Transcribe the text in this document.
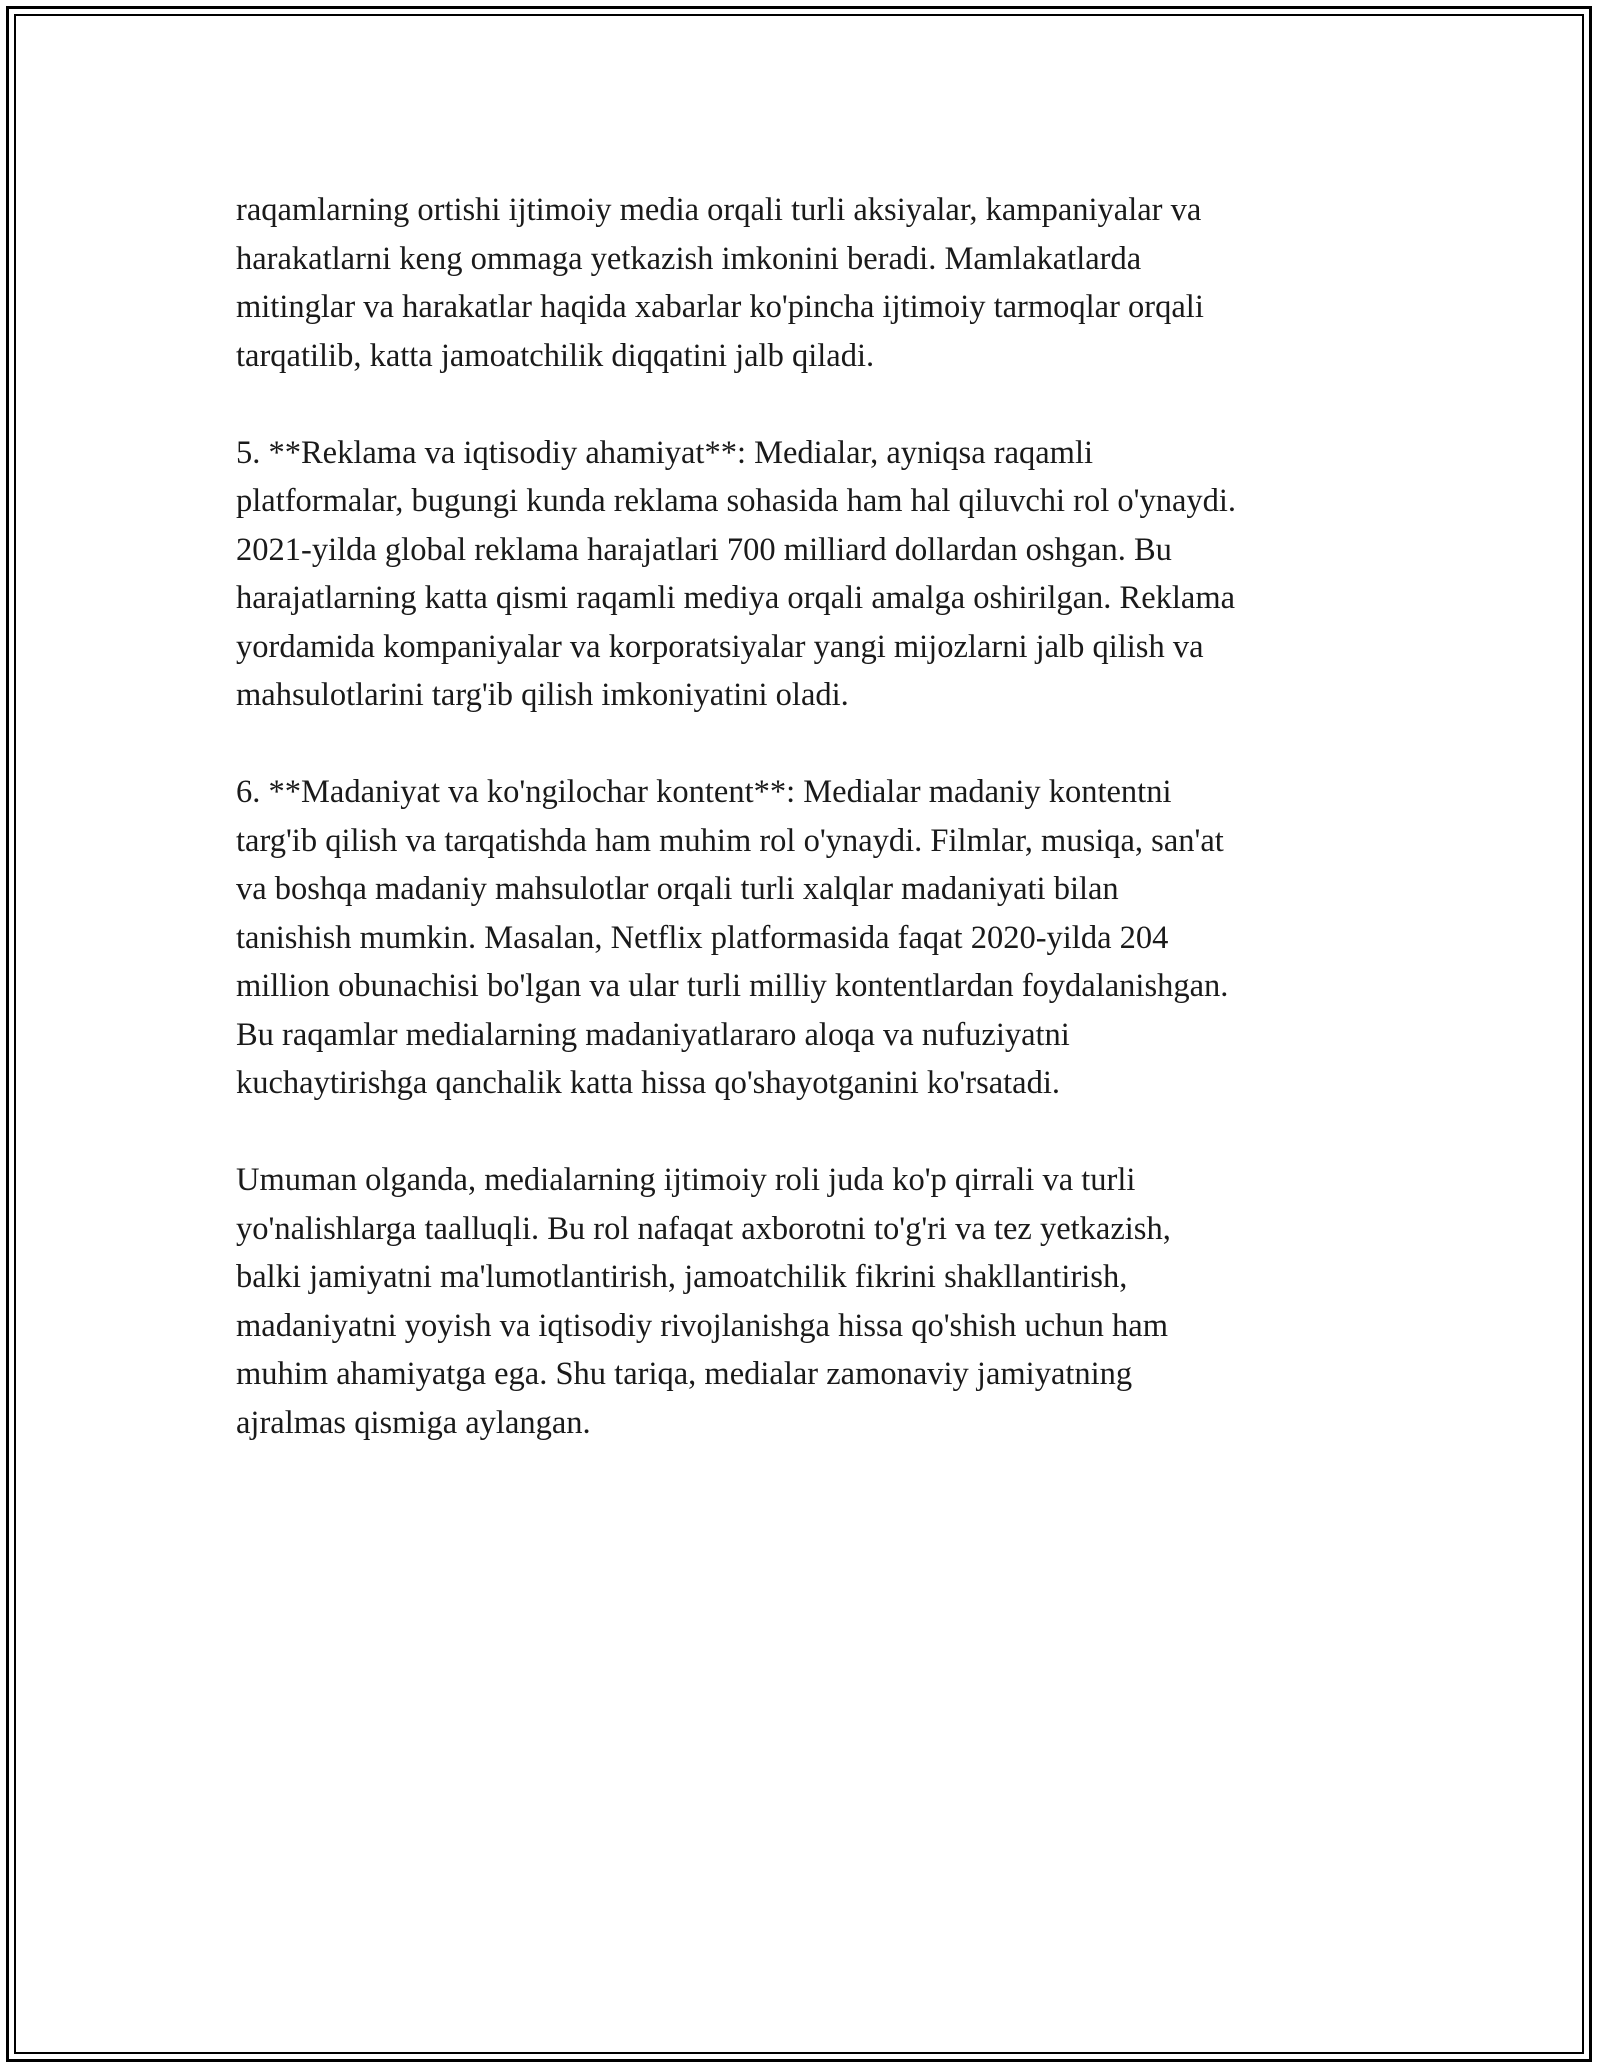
raqamlarning ortishi ijtimoiy media orqali turli aksiyalar, kampaniyalar va
harakatlarni keng ommaga yetkazish imkonini beradi. Mamlakatlarda
mitinglar va harakatlar haqida xabarlar ko'pincha ijtimoiy tarmoqlar orqali
tarqatilib, katta jamoatchilik diqqatini jalb qiladi.

5. **Reklama va iqtisodiy ahamiyat**: Medialar, ayniqsa raqamli
platformalar, bugungi kunda reklama sohasida ham hal qiluvchi rol o'ynaydi.
2021-yilda global reklama harajatlari 700 milliard dollardan oshgan. Bu
harajatlarning katta qismi raqamli mediya orqali amalga oshirilgan. Reklama
yordamida kompaniyalar va korporatsiyalar yangi mijozlarni jalb qilish va
mahsulotlarini targ'ib qilish imkoniyatini oladi.

6. **Madaniyat va ko'ngilochar kontent**: Medialar madaniy kontentni
targ'ib qilish va tarqatishda ham muhim rol o'ynaydi. Filmlar, musiqa, san'at
va boshqa madaniy mahsulotlar orqali turli xalqlar madaniyati bilan
tanishish mumkin. Masalan, Netflix platformasida faqat 2020-yilda 204
million obunachisi bo'lgan va ular turli milliy kontentlardan foydalanishgan.
Bu raqamlar medialarning madaniyatlararo aloqa va nufuziyatni
kuchaytirishga qanchalik katta hissa qo'shayotganini ko'rsatadi.

Umuman olganda, medialarning ijtimoiy roli juda ko'p qirrali va turli
yo'nalishlarga taalluqli. Bu rol nafaqat axborotni to'g'ri va tez yetkazish,
balki jamiyatni ma'lumotlantirish, jamoatchilik fikrini shakllantirish,
madaniyatni yoyish va iqtisodiy rivojlanishga hissa qo'shish uchun ham
muhim ahamiyatga ega. Shu tariqa, medialar zamonaviy jamiyatning
ajralmas qismiga aylangan.
